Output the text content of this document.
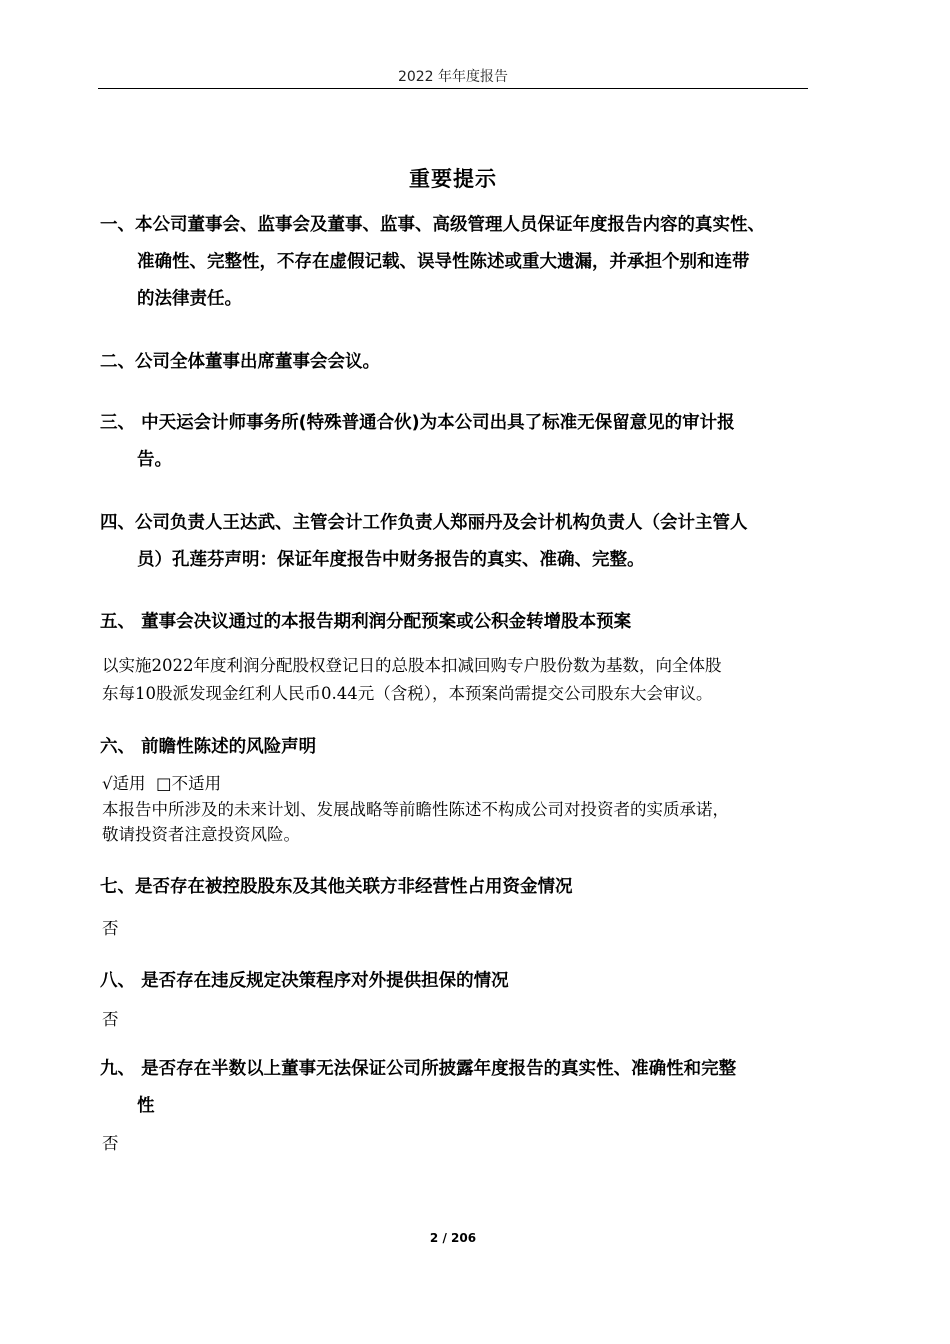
2022 年年度报告
重要提示
一、本公司董事会、监事会及董事、监事、高级管理人员保证年度报告内容的真实性、
准确性、完整性，不存在虚假记载、误导性陈述或重大遗漏，并承担个别和连带
的法律责任。
二、公司全体董事出席董事会会议。
三、 中天运会计师事务所(特殊普通合伙)为本公司出具了标准无保留意见的审计报
告。
四、公司负责人王达武、主管会计工作负责人郑丽丹及会计机构负责人（会计主管人
员）孔莲芬声明：保证年度报告中财务报告的真实、准确、完整。
五、 董事会决议通过的本报告期利润分配预案或公积金转增股本预案
以实施2022年度利润分配股权登记日的总股本扣减回购专户股份数为基数，向全体股
东每10股派发现金红利人民币0.44元（含税），本预案尚需提交公司股东大会审议。
六、 前瞻性陈述的风险声明
√适用 □不适用
本报告中所涉及的未来计划、发展战略等前瞻性陈述不构成公司对投资者的实质承诺，
敬请投资者注意投资风险。
七、是否存在被控股股东及其他关联方非经营性占用资金情况
否
八、 是否存在违反规定决策程序对外提供担保的情况
否
九、 是否存在半数以上董事无法保证公司所披露年度报告的真实性、准确性和完整
性
否
2 / 206
